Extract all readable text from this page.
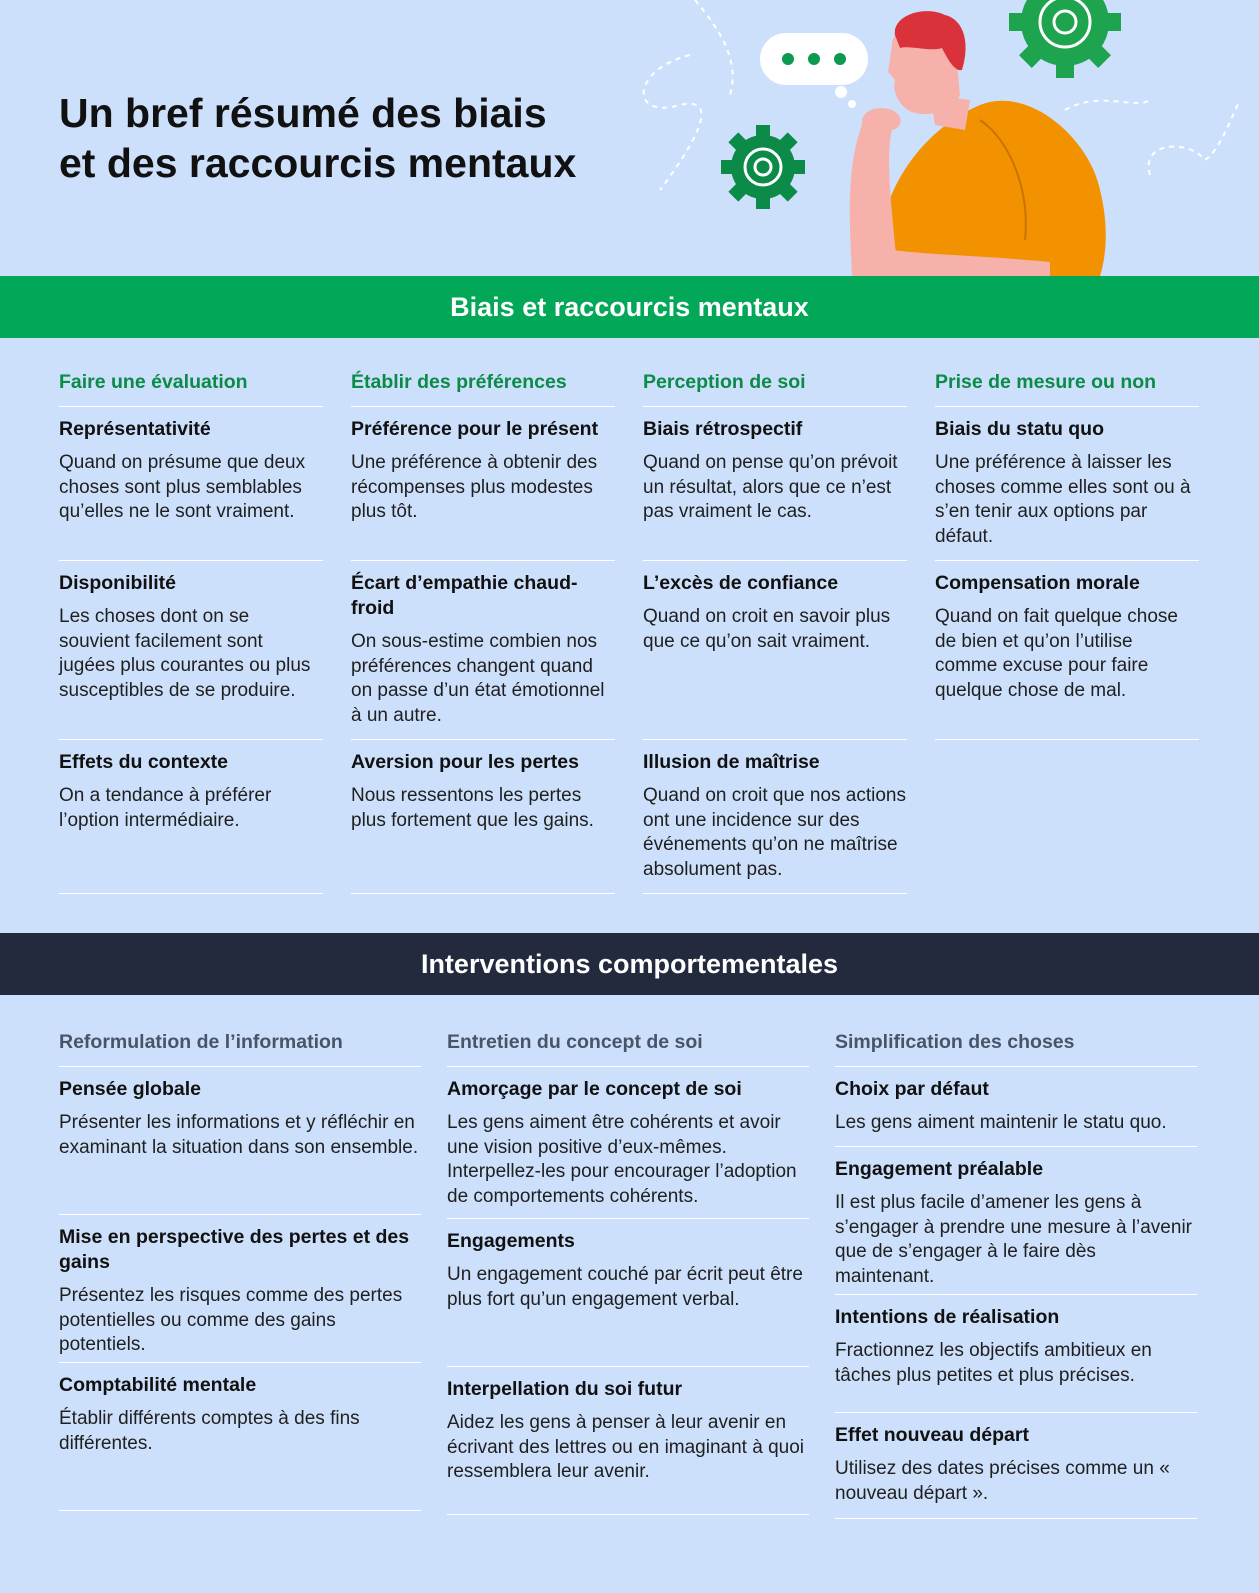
Un bref résumé des biais
et des raccourcis mentaux
Biais et raccourcis mentaux
Faire une évaluation
Représentativité
Quand on présume que deux choses sont plus semblables qu’elles ne le sont vraiment.
Disponibilité
Les choses dont on se souvient facilement sont jugées plus courantes ou plus susceptibles de se produire.
Effets du contexte
On a tendance à préférer l’option intermédiaire.
Établir des préférences
Préférence pour le présent
Une préférence à obtenir des récompenses plus modestes plus tôt.
Écart d’empathie chaud-froid
On sous-estime combien nos préférences changent quand on passe d’un état émotionnel à un autre.
Aversion pour les pertes
Nous ressentons les pertes plus fortement que les gains.
Perception de soi
Biais rétrospectif
Quand on pense qu’on prévoit un résultat, alors que ce n’est pas vraiment le cas.
L’excès de confiance
Quand on croit en savoir plus que ce qu’on sait vraiment.
Illusion de maîtrise
Quand on croit que nos actions ont une incidence sur des événements qu’on ne maîtrise absolument pas.
Prise de mesure ou non
Biais du statu quo
Une préférence à laisser les choses comme elles sont ou à s’en tenir aux options par défaut.
Compensation morale
Quand on fait quelque chose de bien et qu’on l’utilise comme excuse pour faire quelque chose de mal.
Interventions comportementales
Reformulation de l’information
Pensée globale
Présenter les informations et y réfléchir en examinant la situation dans son ensemble.
Mise en perspective des pertes et des gains
Présentez les risques comme des pertes potentielles ou comme des gains potentiels.
Comptabilité mentale
Établir différents comptes à des fins différentes.
Entretien du concept de soi
Amorçage par le concept de soi
Les gens aiment être cohérents et avoir une vision positive d’eux-mêmes. Interpellez-les pour encourager l’adoption de comportements cohérents.
Engagements
Un engagement couché par écrit peut être plus fort qu’un engagement verbal.
Interpellation du soi futur
Aidez les gens à penser à leur avenir en écrivant des lettres ou en imaginant à quoi ressemblera leur avenir.
Simplification des choses
Choix par défaut
Les gens aiment maintenir le statu quo.
Engagement préalable
Il est plus facile d’amener les gens à s’engager à prendre une mesure à l’avenir que de s’engager à le faire dès maintenant.
Intentions de réalisation
Fractionnez les objectifs ambitieux en tâches plus petites et plus précises.
Effet nouveau départ
Utilisez des dates précises comme un « nouveau départ ».
